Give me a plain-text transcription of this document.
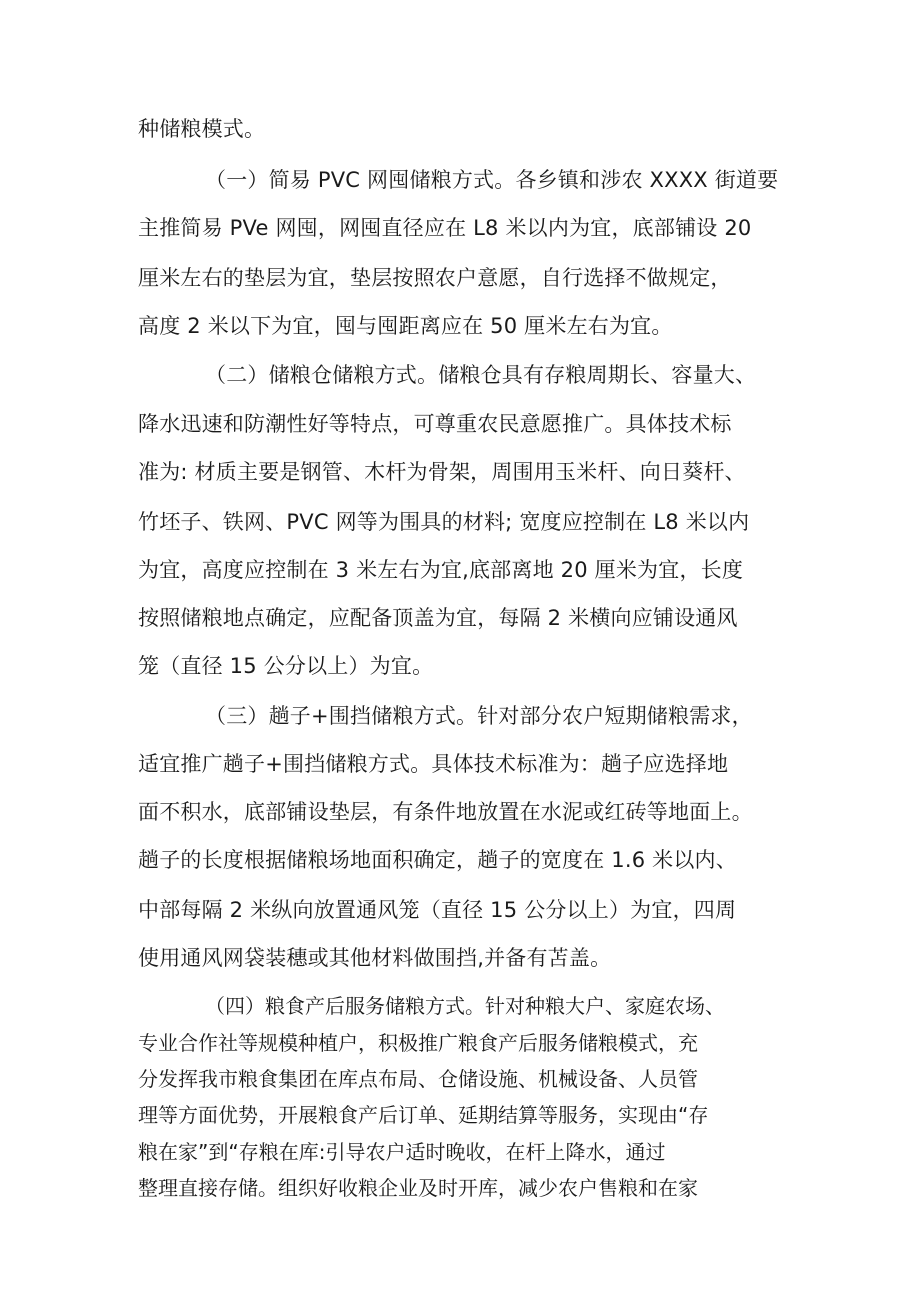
种储粮模式。

（一）简易 PVC 网囤储粮方式。各乡镇和涉农 XXXX 街道要

主推简易 PVe 网囤，网囤直径应在 L8 米以内为宜，底部铺设 20

厘米左右的垫层为宜，垫层按照农户意愿，自行选择不做规定，

高度 2 米以下为宜，囤与囤距离应在 50 厘米左右为宜。

（二）储粮仓储粮方式。储粮仓具有存粮周期长、容量大、

降水迅速和防潮性好等特点，可尊重农民意愿推广。具体技术标

准为: 材质主要是钢管、木杆为骨架，周围用玉米杆、向日葵杆、

竹坯子、铁网、PVC 网等为围具的材料; 宽度应控制在 L8 米以内

为宜，高度应控制在 3 米左右为宜,底部离地 20 厘米为宜，长度

按照储粮地点确定，应配备顶盖为宜，每隔 2 米横向应铺设通风

笼（直径 15 公分以上）为宜。

（三）趟子+围挡储粮方式。针对部分农户短期储粮需求，

适宜推广趟子+围挡储粮方式。具体技术标准为：趟子应选择地

面不积水，底部铺设垫层，有条件地放置在水泥或红砖等地面上。

趟子的长度根据储粮场地面积确定，趟子的宽度在 1.6 米以内、

中部每隔 2 米纵向放置通风笼（直径 15 公分以上）为宜，四周

使用通风网袋装穗或其他材料做围挡,并备有苫盖。

（四）粮食产后服务储粮方式。针对种粮大户、家庭农场、

专业合作社等规模种植户，积极推广粮食产后服务储粮模式，充

分发挥我市粮食集团在库点布局、仓储设施、机械设备、人员管

理等方面优势，开展粮食产后订单、延期结算等服务，实现由“存

粮在家”到“存粮在库:引导农户适时晚收，在杆上降水，通过

整理直接存储。组织好收粮企业及时开库，减少农户售粮和在家
